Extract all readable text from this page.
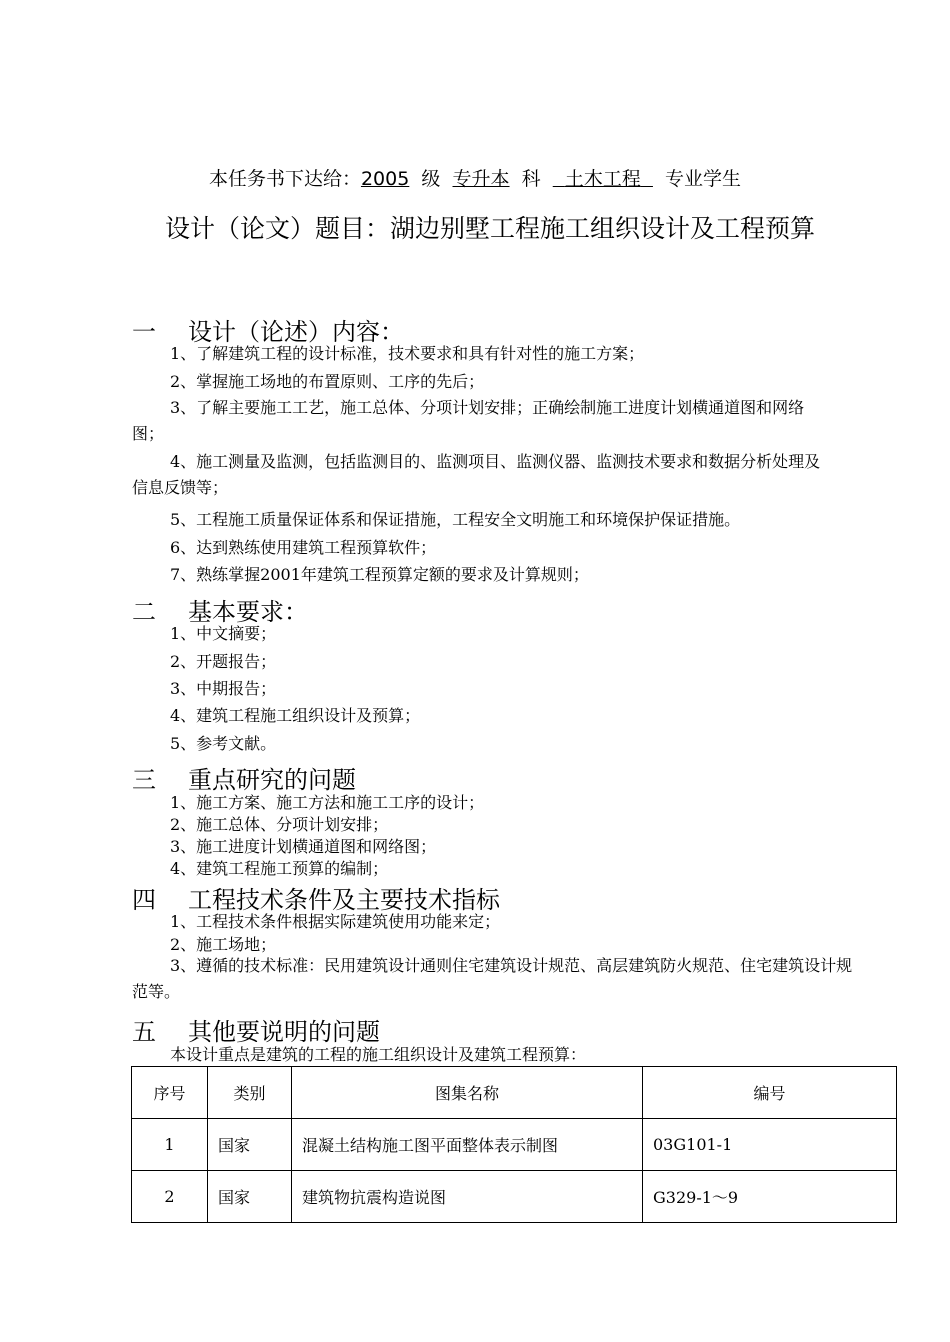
本任务书下达给：2005 级 专升本 科 土木工程 专业学生
设计（论文）题目：湖边别墅工程施工组织设计及工程预算
一 设计（论述）内容：
1、了解建筑工程的设计标准，技术要求和具有针对性的施工方案；
2、掌握施工场地的布置原则、工序的先后；
3、了解主要施工工艺，施工总体、分项计划安排；正确绘制施工进度计划横通道图和网络图；
4、施工测量及监测，包括监测目的、监测项目、监测仪器、监测技术要求和数据分析处理及信息反馈等；
5、工程施工质量保证体系和保证措施，工程安全文明施工和环境保护保证措施。
6、达到熟练使用建筑工程预算软件；
7、熟练掌握2001年建筑工程预算定额的要求及计算规则；
二 基本要求：
1、中文摘要；
2、开题报告；
3、中期报告；
4、建筑工程施工组织设计及预算；
5、参考文献。
三 重点研究的问题
1、施工方案、施工方法和施工工序的设计；
2、施工总体、分项计划安排；
3、施工进度计划横通道图和网络图；
4、建筑工程施工预算的编制；
四 工程技术条件及主要技术指标
1、工程技术条件根据实际建筑使用功能来定；
2、施工场地；
3、遵循的技术标准：民用建筑设计通则住宅建筑设计规范、高层建筑防火规范、住宅建筑设计规范等。
五 其他要说明的问题
本设计重点是建筑的工程的施工组织设计及建筑工程预算：
序号	类别	图集名称	编号
1	国家	混凝土结构施工图平面整体表示制图	03G101-1
2	国家	建筑物抗震构造说图	G329-1～9
